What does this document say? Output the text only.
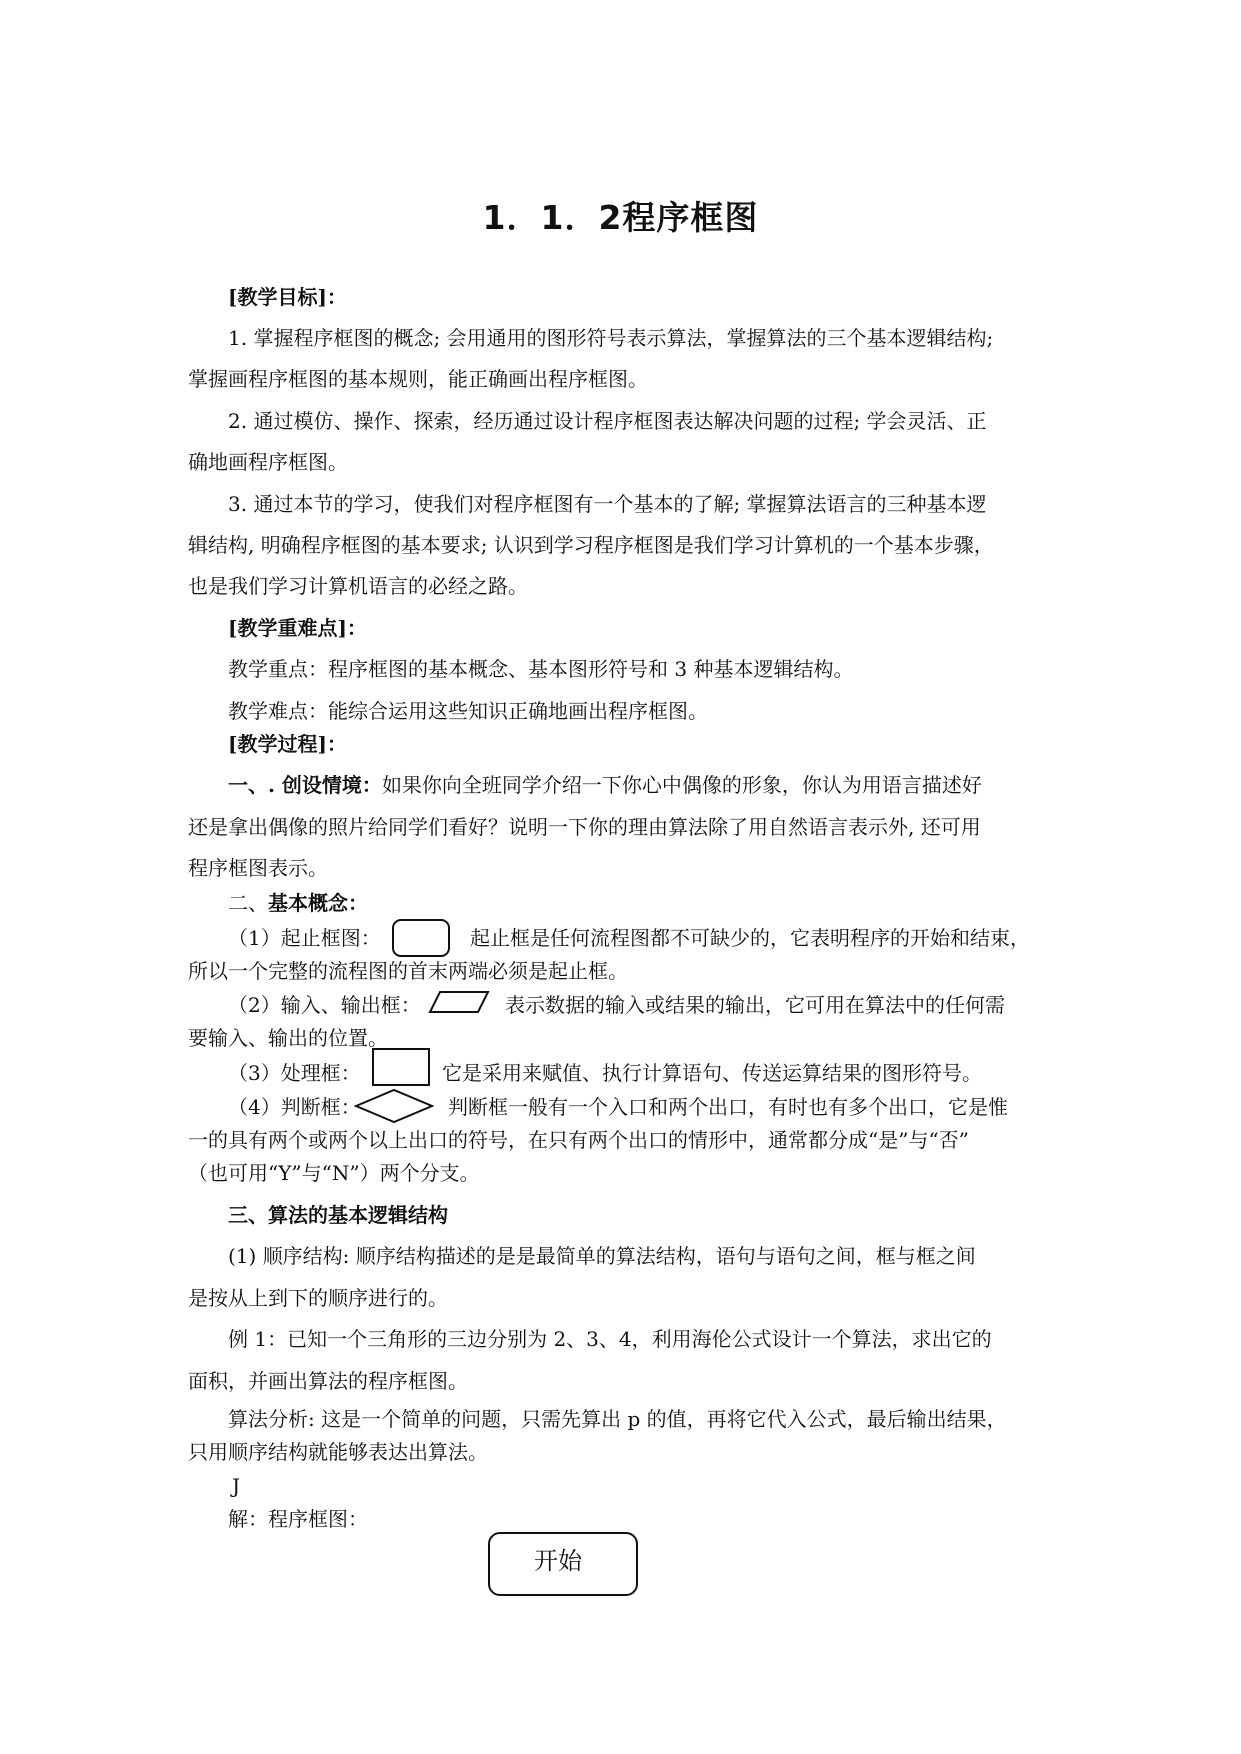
1．1．2程序框图
[教学目标]：
1. 掌握程序框图的概念; 会用通用的图形符号表示算法，掌握算法的三个基本逻辑结构;
掌握画程序框图的基本规则，能正确画出程序框图。
2. 通过模仿、操作、探索，经历通过设计程序框图表达解决问题的过程; 学会灵活、正
确地画程序框图。
3. 通过本节的学习，使我们对程序框图有一个基本的了解; 掌握算法语言的三种基本逻
辑结构, 明确程序框图的基本要求; 认识到学习程序框图是我们学习计算机的一个基本步骤，
也是我们学习计算机语言的必经之路。
[教学重难点]：
教学重点：程序框图的基本概念、基本图形符号和 3 种基本逻辑结构。
教学难点：能综合运用这些知识正确地画出程序框图。
[教学过程]：
一、. 创设情境：如果你向全班同学介绍一下你心中偶像的形象，你认为用语言描述好
还是拿出偶像的照片给同学们看好？说明一下你的理由算法除了用自然语言表示外, 还可用
程序框图表示。
二、基本概念：
（1）起止框图：	起止框是任何流程图都不可缺少的，它表明程序的开始和结束，
所以一个完整的流程图的首末两端必须是起止框。
（2）输入、输出框：	表示数据的输入或结果的输出，它可用在算法中的任何需
要输入、输出的位置。
（3）处理框：	它是采用来赋值、执行计算语句、传送运算结果的图形符号。
（4）判断框：	判断框一般有一个入口和两个出口，有时也有多个出口，它是惟
一的具有两个或两个以上出口的符号，在只有两个出口的情形中，通常都分成“是”与“否”
（也可用“Y”与“N”）两个分支。
三、算法的基本逻辑结构
(1) 顺序结构: 顺序结构描述的是是最简单的算法结构，语句与语句之间，框与框之间
是按从上到下的顺序进行的。
例 1：已知一个三角形的三边分别为 2、3、4，利用海伦公式设计一个算法，求出它的
面积，并画出算法的程序框图。
算法分析: 这是一个简单的问题，只需先算出 p 的值，再将它代入公式，最后输出结果，
只用顺序结构就能够表达出算法。
J
解：程序框图：
开始
